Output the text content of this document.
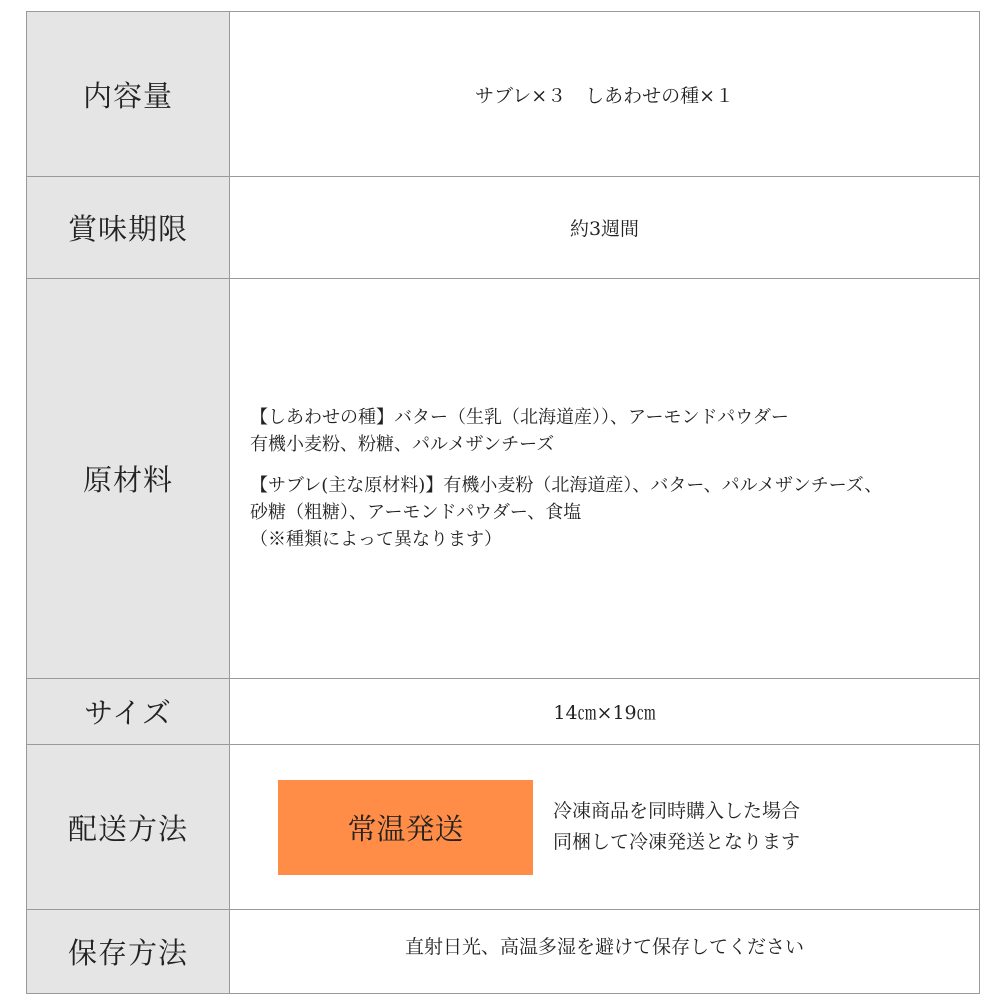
内容量	サブレ×３　しあわせの種×１
賞味期限	約3週間
原材料

【しあわせの種】バター（生乳（北海道産））、アーモンドパウダー

有機小麦粉、粉糖、パルメザンチーズ

【サブレ(主な原材料)】有機小麦粉（北海道産）、バター、パルメザンチーズ、

砂糖（粗糖）、アーモンドパウダー、食塩

（※種類によって異なります）

サイズ	14㎝×19㎝
配送方法	常温発送
冷凍商品を同時購入した場合
同梱して冷凍発送となります
保存方法	直射日光、高温多湿を避けて保存してください
